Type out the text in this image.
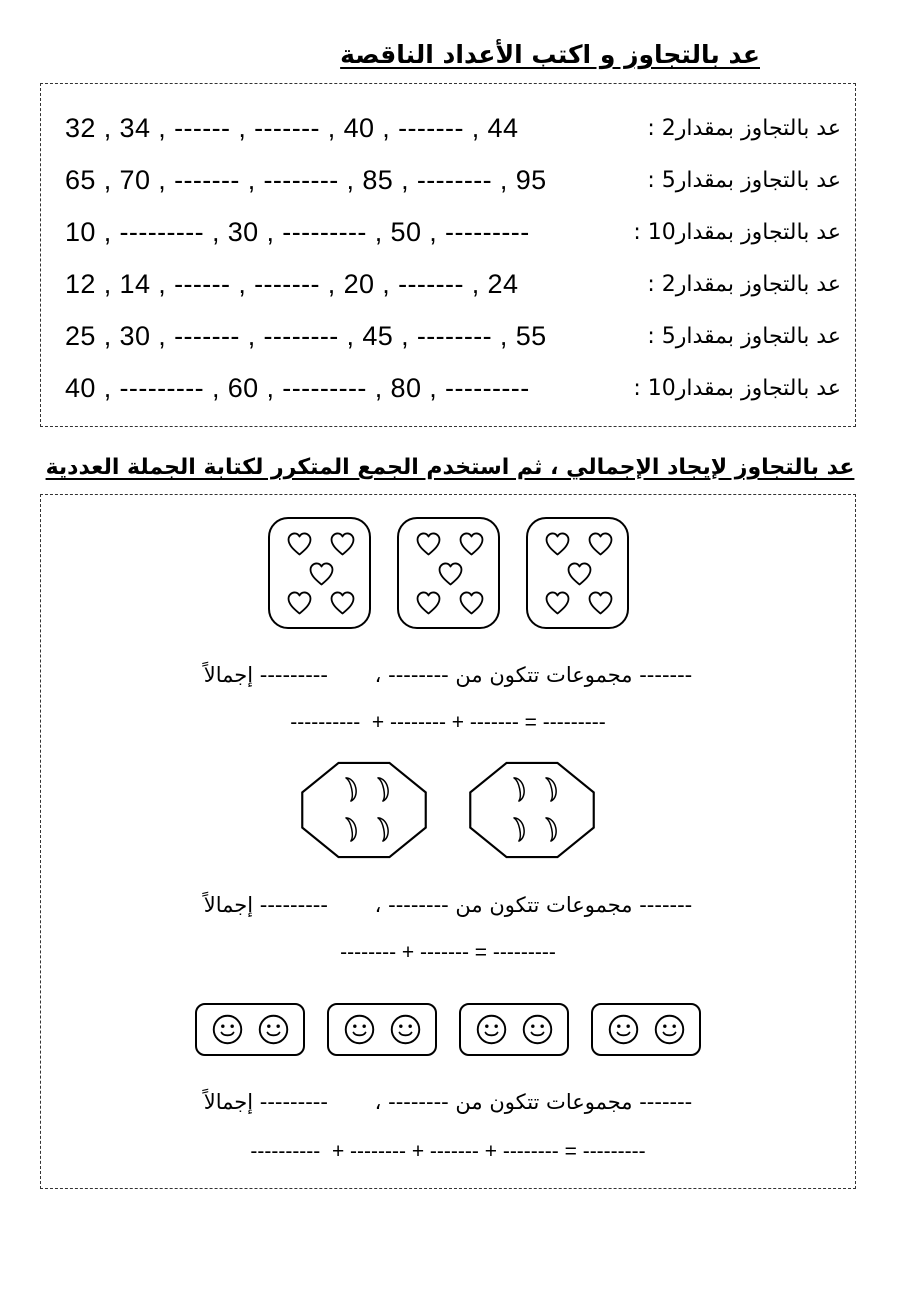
عد بالتجاوز و اكتب الأعداد الناقصة
32 , 34 , ------ , ------- , 40 , ------- , 44	عد بالتجاوز بمقدار2 :
65 , 70 , ------- , -------- , 85 , -------- , 95	عد بالتجاوز بمقدار5 :
10 , --------- , 30 , --------- , 50 , ---------	عد بالتجاوز بمقدار10 :
12 , 14 , ------ , ------- , 20 , ------- , 24	عد بالتجاوز بمقدار2 :
25 , 30 , ------- , -------- , 45 , -------- , 55	عد بالتجاوز بمقدار5 :
40 , --------- , 60 , --------- , 80 , ---------	عد بالتجاوز بمقدار10 :
عد بالتجاوز لإيجاد الإجمالي ، ثم استخدم الجمع المتكرر لكتابة الجملة العددية
------- مجموعات تتكون من -------- ،       --------- إجمالاً
----------  + -------- + ------- = ---------
------- مجموعات تتكون من -------- ،       --------- إجمالاً
-------- + ------- = ---------
------- مجموعات تتكون من -------- ،       --------- إجمالاً
----------  + -------- + ------- + -------- = ---------
